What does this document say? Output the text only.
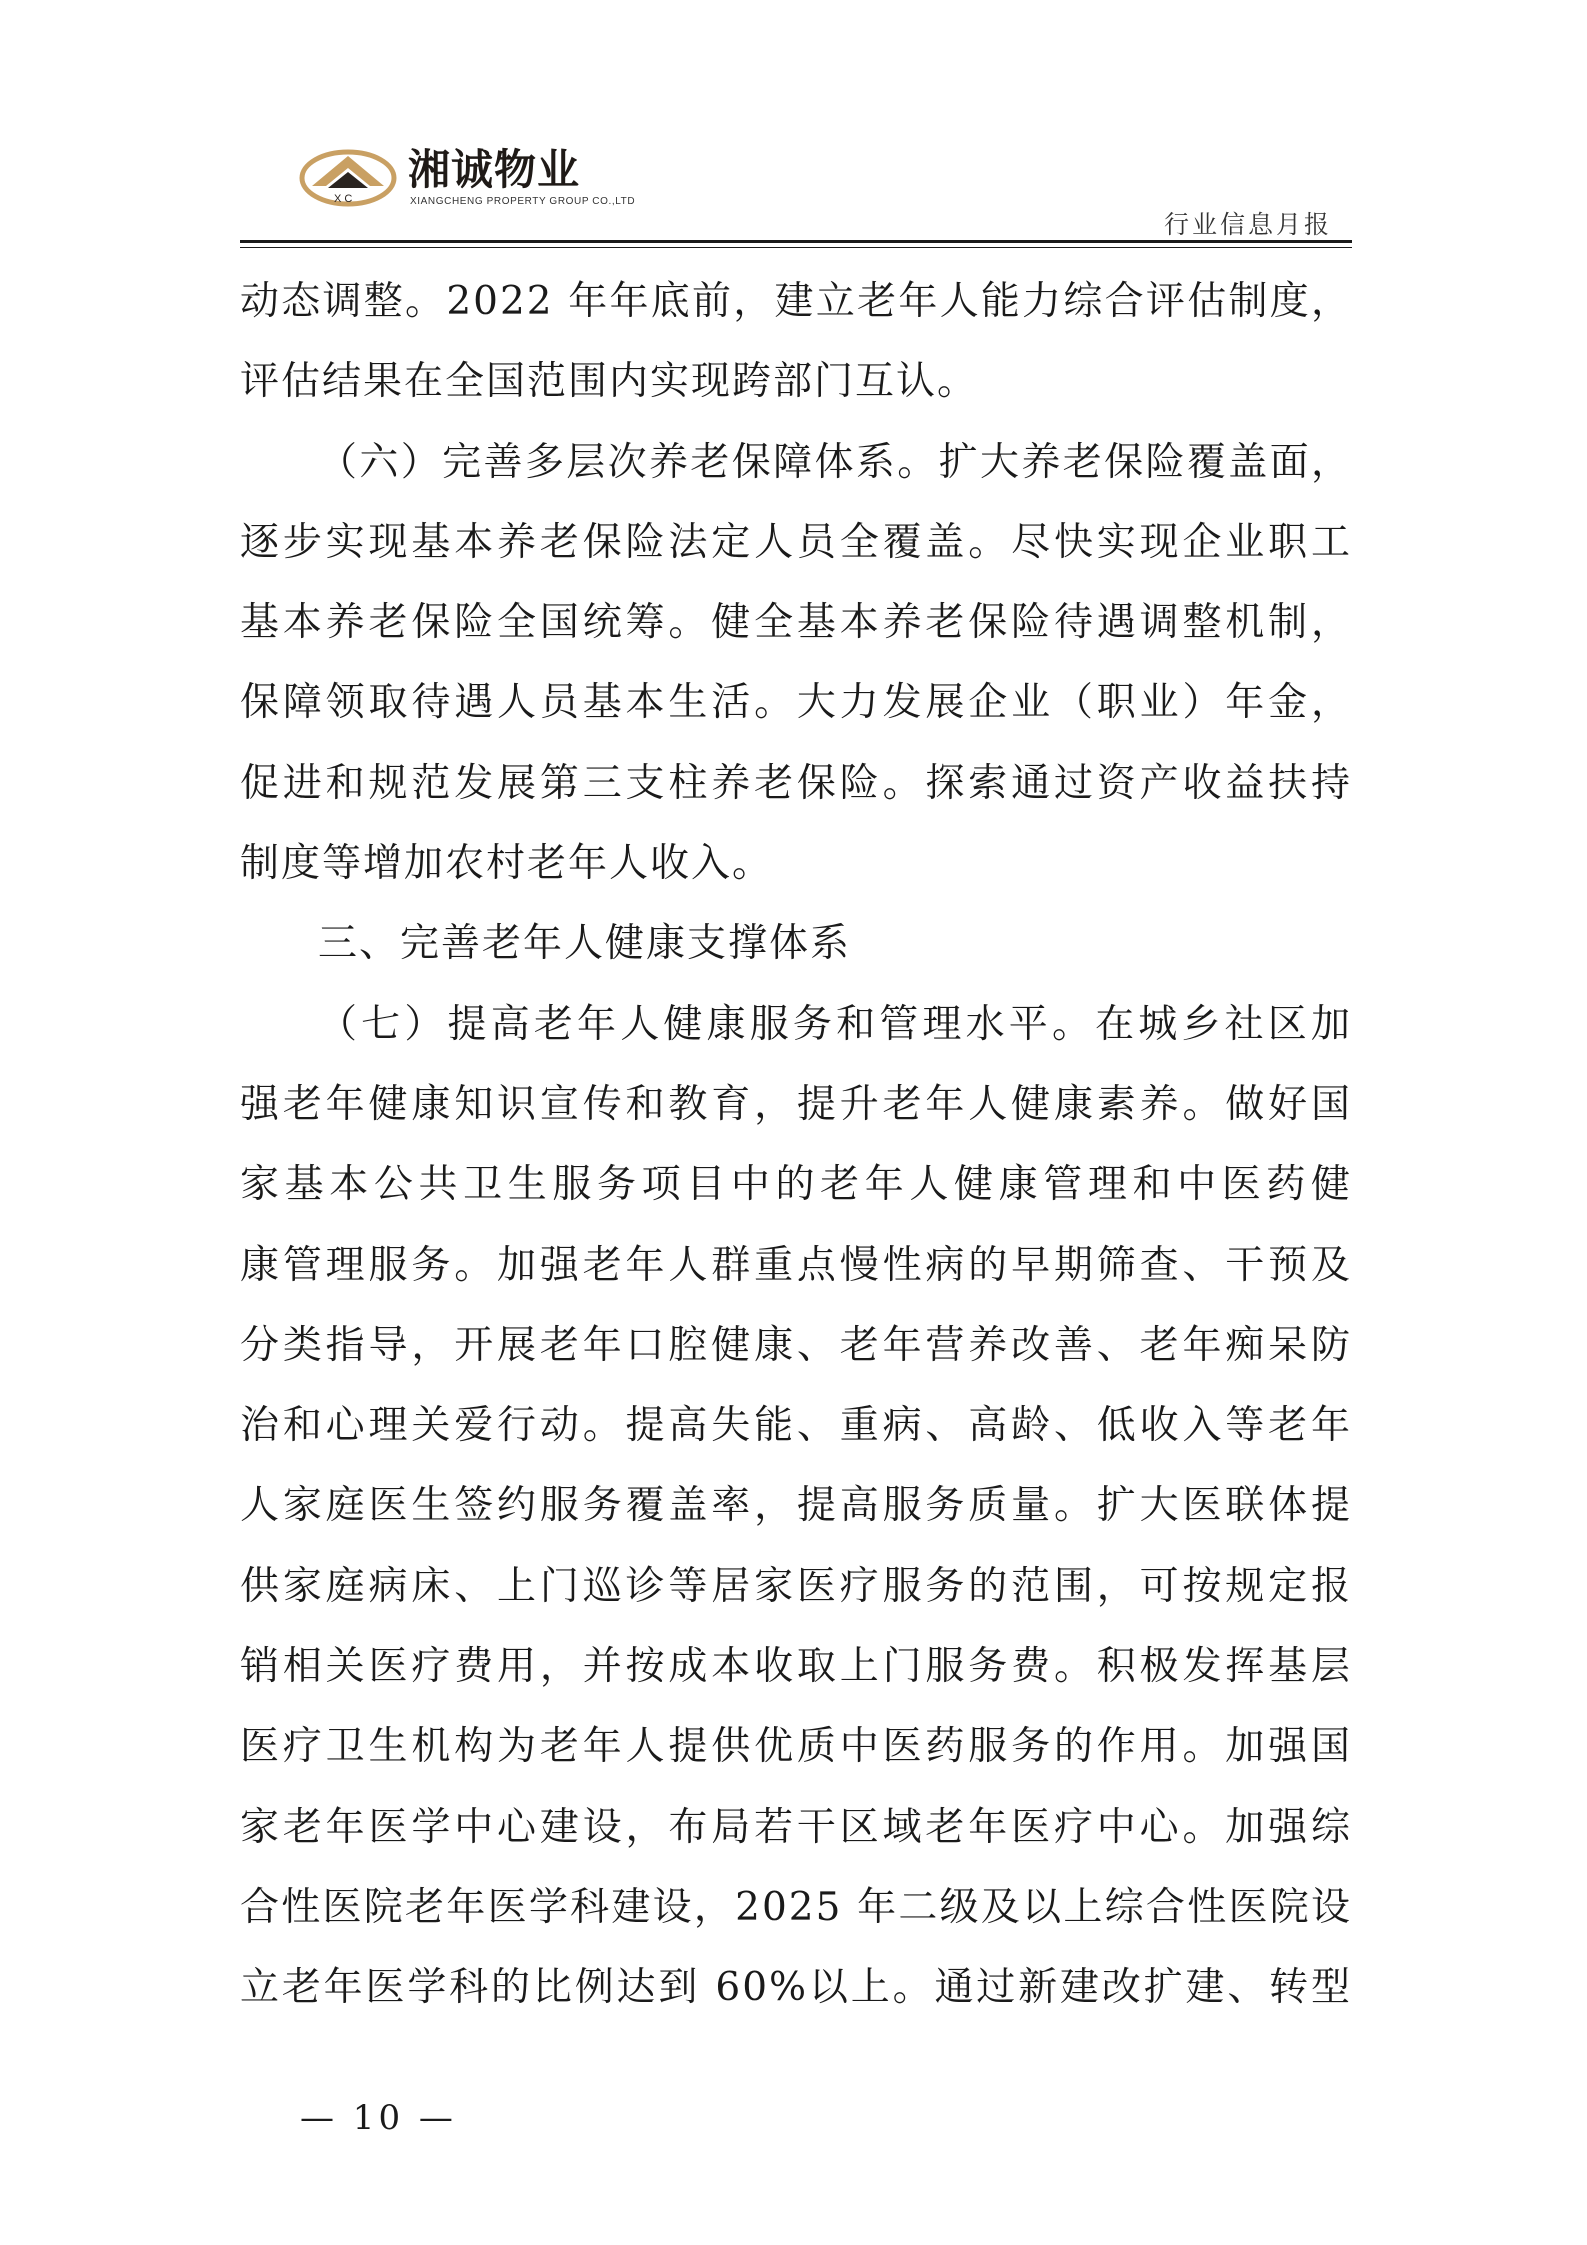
X C
湘诚物业
XIANGCHENG PROPERTY GROUP CO.,LTD
行业信息月报
动态调整。2022 年年底前，建立老年人能力综合评估制度，
评估结果在全国范围内实现跨部门互认。
（六）完善多层次养老保障体系。扩大养老保险覆盖面，
逐步实现基本养老保险法定人员全覆盖。尽快实现企业职工
基本养老保险全国统筹。健全基本养老保险待遇调整机制，
保障领取待遇人员基本生活。大力发展企业（职业）年金，
促进和规范发展第三支柱养老保险。探索通过资产收益扶持
制度等增加农村老年人收入。
三、完善老年人健康支撑体系
（七）提高老年人健康服务和管理水平。在城乡社区加
强老年健康知识宣传和教育，提升老年人健康素养。做好国
家基本公共卫生服务项目中的老年人健康管理和中医药健
康管理服务。加强老年人群重点慢性病的早期筛查、干预及
分类指导，开展老年口腔健康、老年营养改善、老年痴呆防
治和心理关爱行动。提高失能、重病、高龄、低收入等老年
人家庭医生签约服务覆盖率，提高服务质量。扩大医联体提
供家庭病床、上门巡诊等居家医疗服务的范围，可按规定报
销相关医疗费用，并按成本收取上门服务费。积极发挥基层
医疗卫生机构为老年人提供优质中医药服务的作用。加强国
家老年医学中心建设，布局若干区域老年医疗中心。加强综
合性医院老年医学科建设，2025 年二级及以上综合性医院设
立老年医学科的比例达到 60%以上。通过新建改扩建、转型
— 10 —
